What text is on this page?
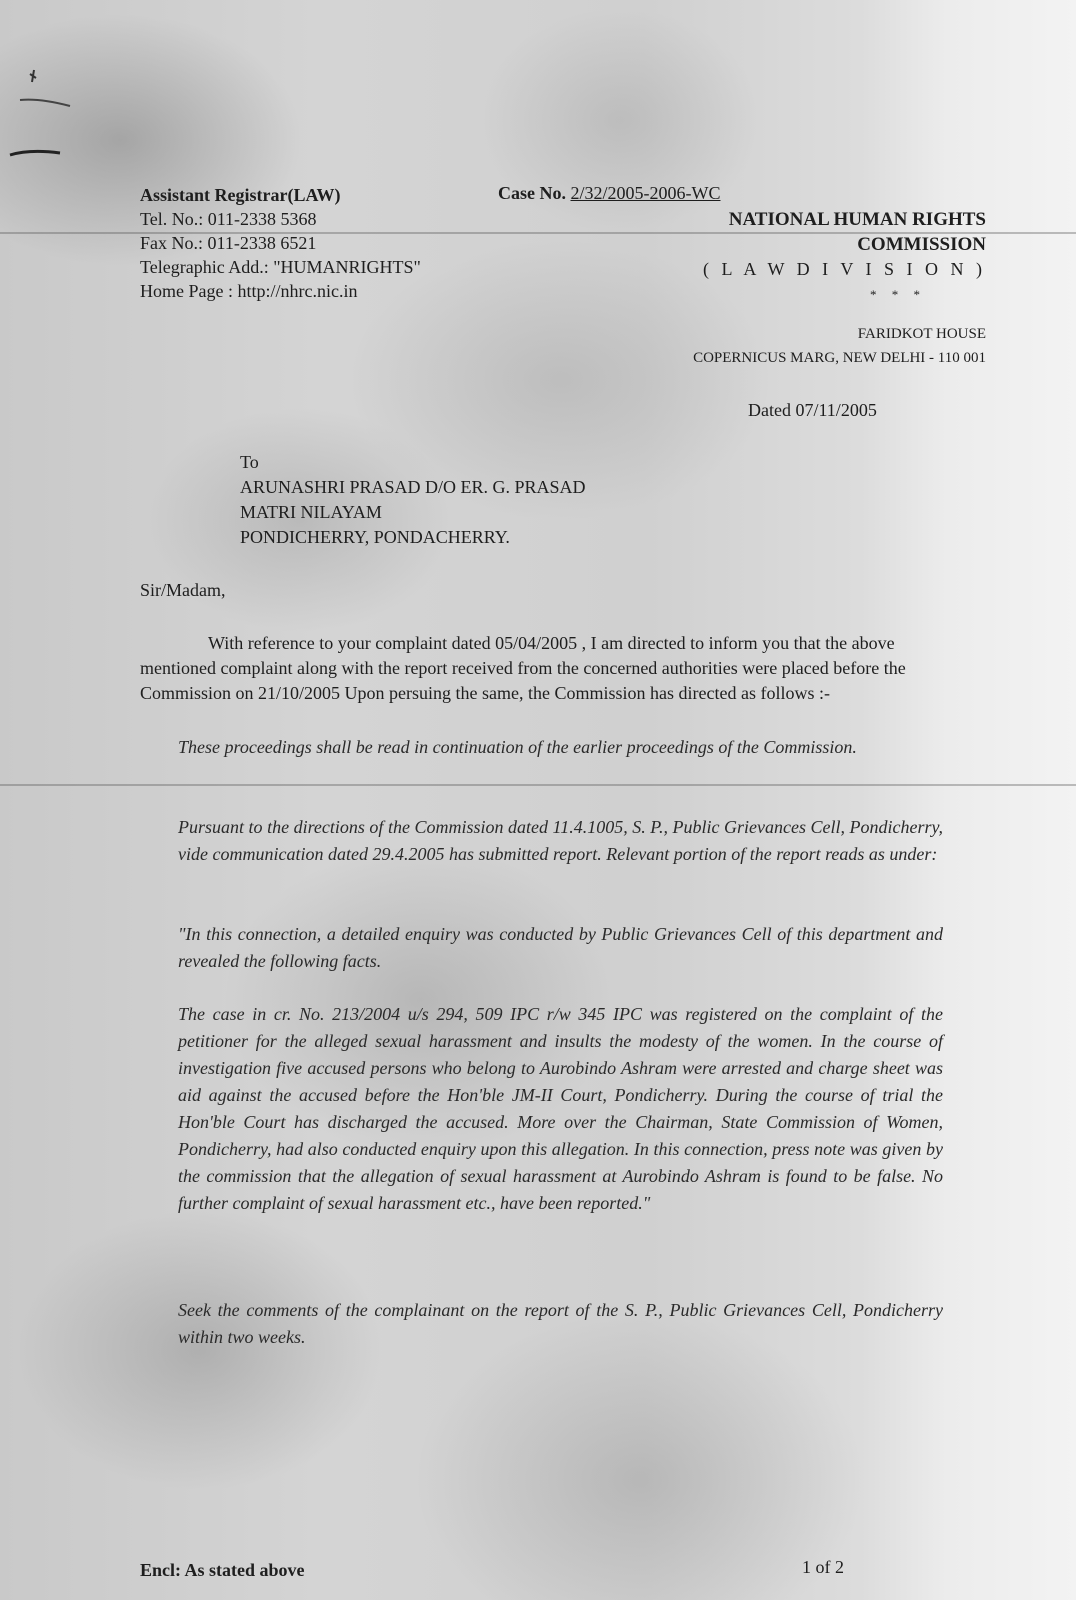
Assistant Registrar(LAW)
Tel. No.: 011-2338 5368
Fax No.: 011-2338 6521
Telegraphic Add.: "HUMANRIGHTS"
Home Page : http://nhrc.nic.in
Case No. 2/32/2005-2006-WC
NATIONAL HUMAN RIGHTS
COMMISSION
( L A W D I V I S I O N )
* * *
FARIDKOT HOUSE
COPERNICUS MARG, NEW DELHI - 110 001
Dated 07/11/2005
To
ARUNASHRI PRASAD D/O ER. G. PRASAD
MATRI NILAYAM
PONDICHERRY, PONDACHERRY.
Sir/Madam,
With reference to your complaint dated 05/04/2005 , I am directed to inform you that the above mentioned complaint along with the report received from the concerned authorities were placed before the Commission on 21/10/2005 Upon persuing the same, the Commission has directed as follows :-
These proceedings shall be read in continuation of the earlier proceedings of the Commission.
Pursuant to the directions of the Commission dated 11.4.1005, S. P., Public Grievances Cell, Pondicherry, vide communication dated 29.4.2005 has submitted report. Relevant portion of the report reads as under:
"In this connection, a detailed enquiry was conducted by Public Grievances Cell of this department and revealed the following facts.
The case in cr. No. 213/2004 u/s 294, 509 IPC r/w 345 IPC was registered on the complaint of the petitioner for the alleged sexual harassment and insults the modesty of the women. In the course of investigation five accused persons who belong to Aurobindo Ashram were arrested and charge sheet was aid against the accused before the Hon'ble JM-II Court, Pondicherry. During the course of trial the Hon'ble Court has discharged the accused. More over the Chairman, State Commission of Women, Pondicherry, had also conducted enquiry upon this allegation. In this connection, press note was given by the commission that the allegation of sexual harassment at Aurobindo Ashram is found to be false. No further complaint of sexual harassment etc., have been reported."
Seek the comments of the complainant on the report of the S. P., Public Grievances Cell, Pondicherry within two weeks.
Encl: As stated above	1 of 2
